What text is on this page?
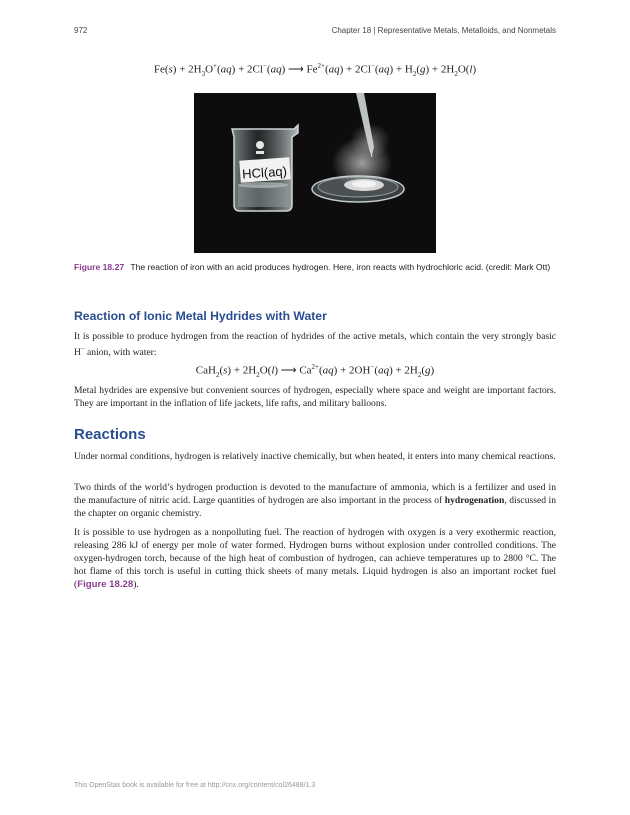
972	Chapter 18 | Representative Metals, Metalloids, and Nonmetals
$Fe(s) + 2H_3O^+(aq) + 2Cl^-(aq)$ ⟶ $Fe^{2+}(aq) + 2Cl^-(aq) + H_2(g) + 2H_2O(l)$
HCl(aq)
Figure 18.27 The reaction of iron with an acid produces hydrogen. Here, iron reacts with hydrochloric acid. (credit: Mark Ott)
Reaction of Ionic Metal Hydrides with Water
It is possible to produce hydrogen from the reaction of hydrides of the active metals, which contain the very strongly basic H− anion, with water:
$CaH_2(s) + 2H_2O(l)$ ⟶ $Ca^{2+}(aq) + 2OH^-(aq) + 2H_2(g)$
Metal hydrides are expensive but convenient sources of hydrogen, especially where space and weight are important factors. They are important in the inflation of life jackets, life rafts, and military balloons.
Reactions
Under normal conditions, hydrogen is relatively inactive chemically, but when heated, it enters into many chemical reactions.
Two thirds of the world’s hydrogen production is devoted to the manufacture of ammonia, which is a fertilizer and used in the manufacture of nitric acid. Large quantities of hydrogen are also important in the process of hydrogenation, discussed in the chapter on organic chemistry.
It is possible to use hydrogen as a nonpolluting fuel. The reaction of hydrogen with oxygen is a very exothermic reaction, releasing 286 kJ of energy per mole of water formed. Hydrogen burns without explosion under controlled conditions. The oxygen-hydrogen torch, because of the high heat of combustion of hydrogen, can achieve temperatures up to 2800 °C. The hot flame of this torch is useful in cutting thick sheets of many metals. Liquid hydrogen is also an important rocket fuel (Figure 18.28).
This OpenStax book is available for free at http://cnx.org/content/col26488/1.3
